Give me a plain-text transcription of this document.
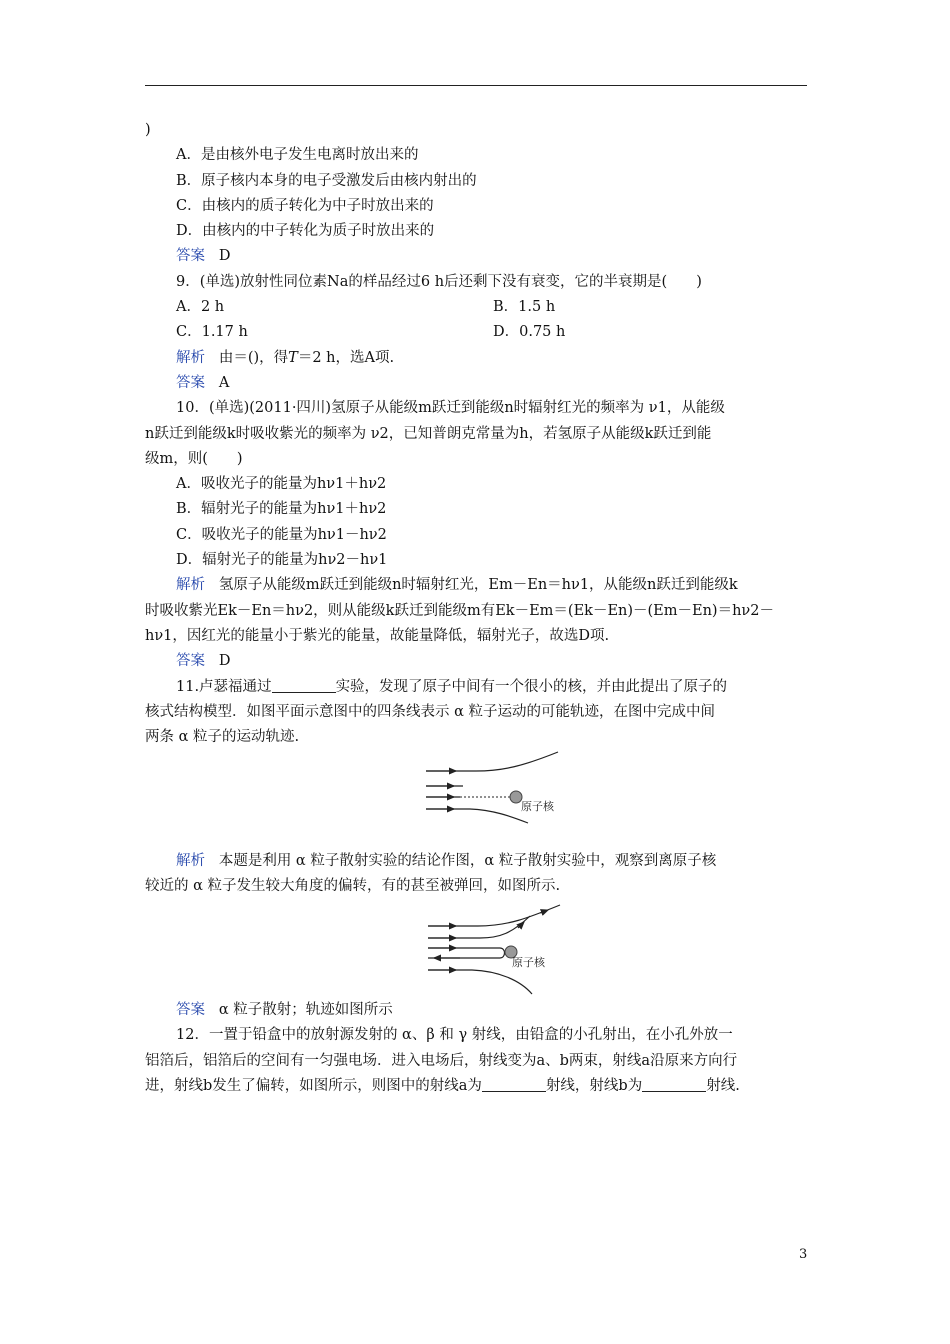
)
A．是由核外电子发生电离时放出来的
B．原子核内本身的电子受激发后由核内射出的
C．由核内的质子转化为中子时放出来的
D．由核内的中子转化为质子时放出来的
答案 D
9．(单选)放射性同位素Na的样品经过6 h后还剩下没有衰变，它的半衰期是(　　)
A．2 h	B．1.5 h
C．1.17 h	D．0.75 h
解析 由＝()，得T＝2 h，选A项.
答案 A
10．(单选)(2011·四川)氢原子从能级m跃迁到能级n时辐射红光的频率为 ν1，从能级
n跃迁到能级k时吸收紫光的频率为 ν2，已知普朗克常量为h，若氢原子从能级k跃迁到能
级m，则(　　)
A．吸收光子的能量为hν1＋hν2
B．辐射光子的能量为hν1＋hν2
C．吸收光子的能量为hν1－hν2
D．辐射光子的能量为hν2－hν1
解析 氢原子从能级m跃迁到能级n时辐射红光，Em－En＝hν1，从能级n跃迁到能级k
时吸收紫光Ek－En＝hν2，则从能级k跃迁到能级m有Ek－Em＝(Ek－En)－(Em－En)＝hν2－
hν1，因红光的能量小于紫光的能量，故能量降低，辐射光子，故选D项.
答案 D
11.卢瑟福通过	实验，发现了原子中间有一个很小的核，并由此提出了原子的
核式结构模型．如图平面示意图中的四条线表示 α 粒子运动的可能轨迹，在图中完成中间
两条 α 粒子的运动轨迹.
原子核
解析 本题是利用 α 粒子散射实验的结论作图，α 粒子散射实验中，观察到离原子核
较近的 α 粒子发生较大角度的偏转，有的甚至被弹回，如图所示.
原子核
答案 α 粒子散射；轨迹如图所示
12．一置于铅盒中的放射源发射的 α、β 和 γ 射线，由铅盒的小孔射出，在小孔外放一
铝箔后，铝箔后的空间有一匀强电场．进入电场后，射线变为a、b两束，射线a沿原来方向行
进，射线b发生了偏转，如图所示，则图中的射线a为	射线，射线b为	射线.
3
